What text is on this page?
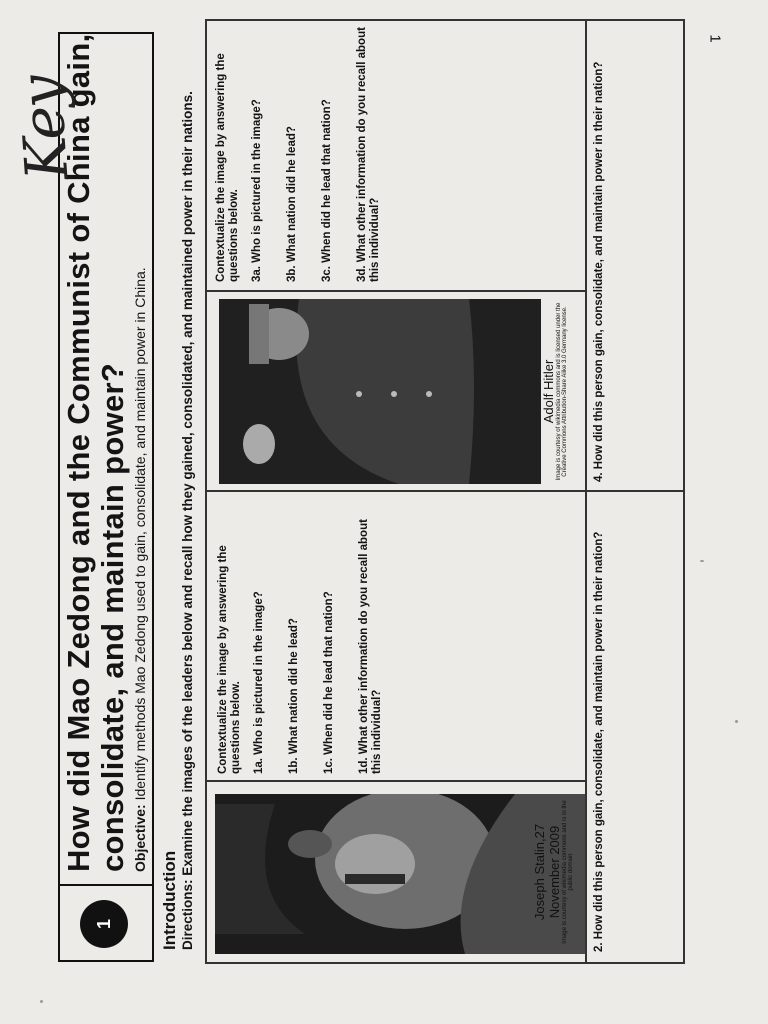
1
1
How did Mao Zedong and the Communist of China gain, consolidate, and maintain power? Objective: Identify methods Mao Zedong used to gain, consolidate, and maintain power in China.
Key
Introduction Directions: Examine the images of the leaders below and recall how they gained, consolidated, and maintained power in their nations.	Joseph Stalin,27 November 2009 Image is courtesy of wikimedia commons and is in the public domain
Contextualize the image by answering the questions below. 1a. Who is pictured in the image? 1b. What nation did he lead? 1c. When did he lead that nation? 1d. What other information do you recall about this individual?
Adolf Hitler Image is courtesy of wikimedia commons and is licensed under the Creative Commons Attribution-Share Alike 3.0 Germany license.
Contextualize the image by answering the questions below. 3a. Who is pictured in the image? 3b. What nation did he lead? 3c. When did he lead that nation? 3d. What other information do you recall about this individual?
2. How did this person gain, consolidate, and maintain power in their nation?
4. How did this person gain, consolidate, and maintain power in their nation?
